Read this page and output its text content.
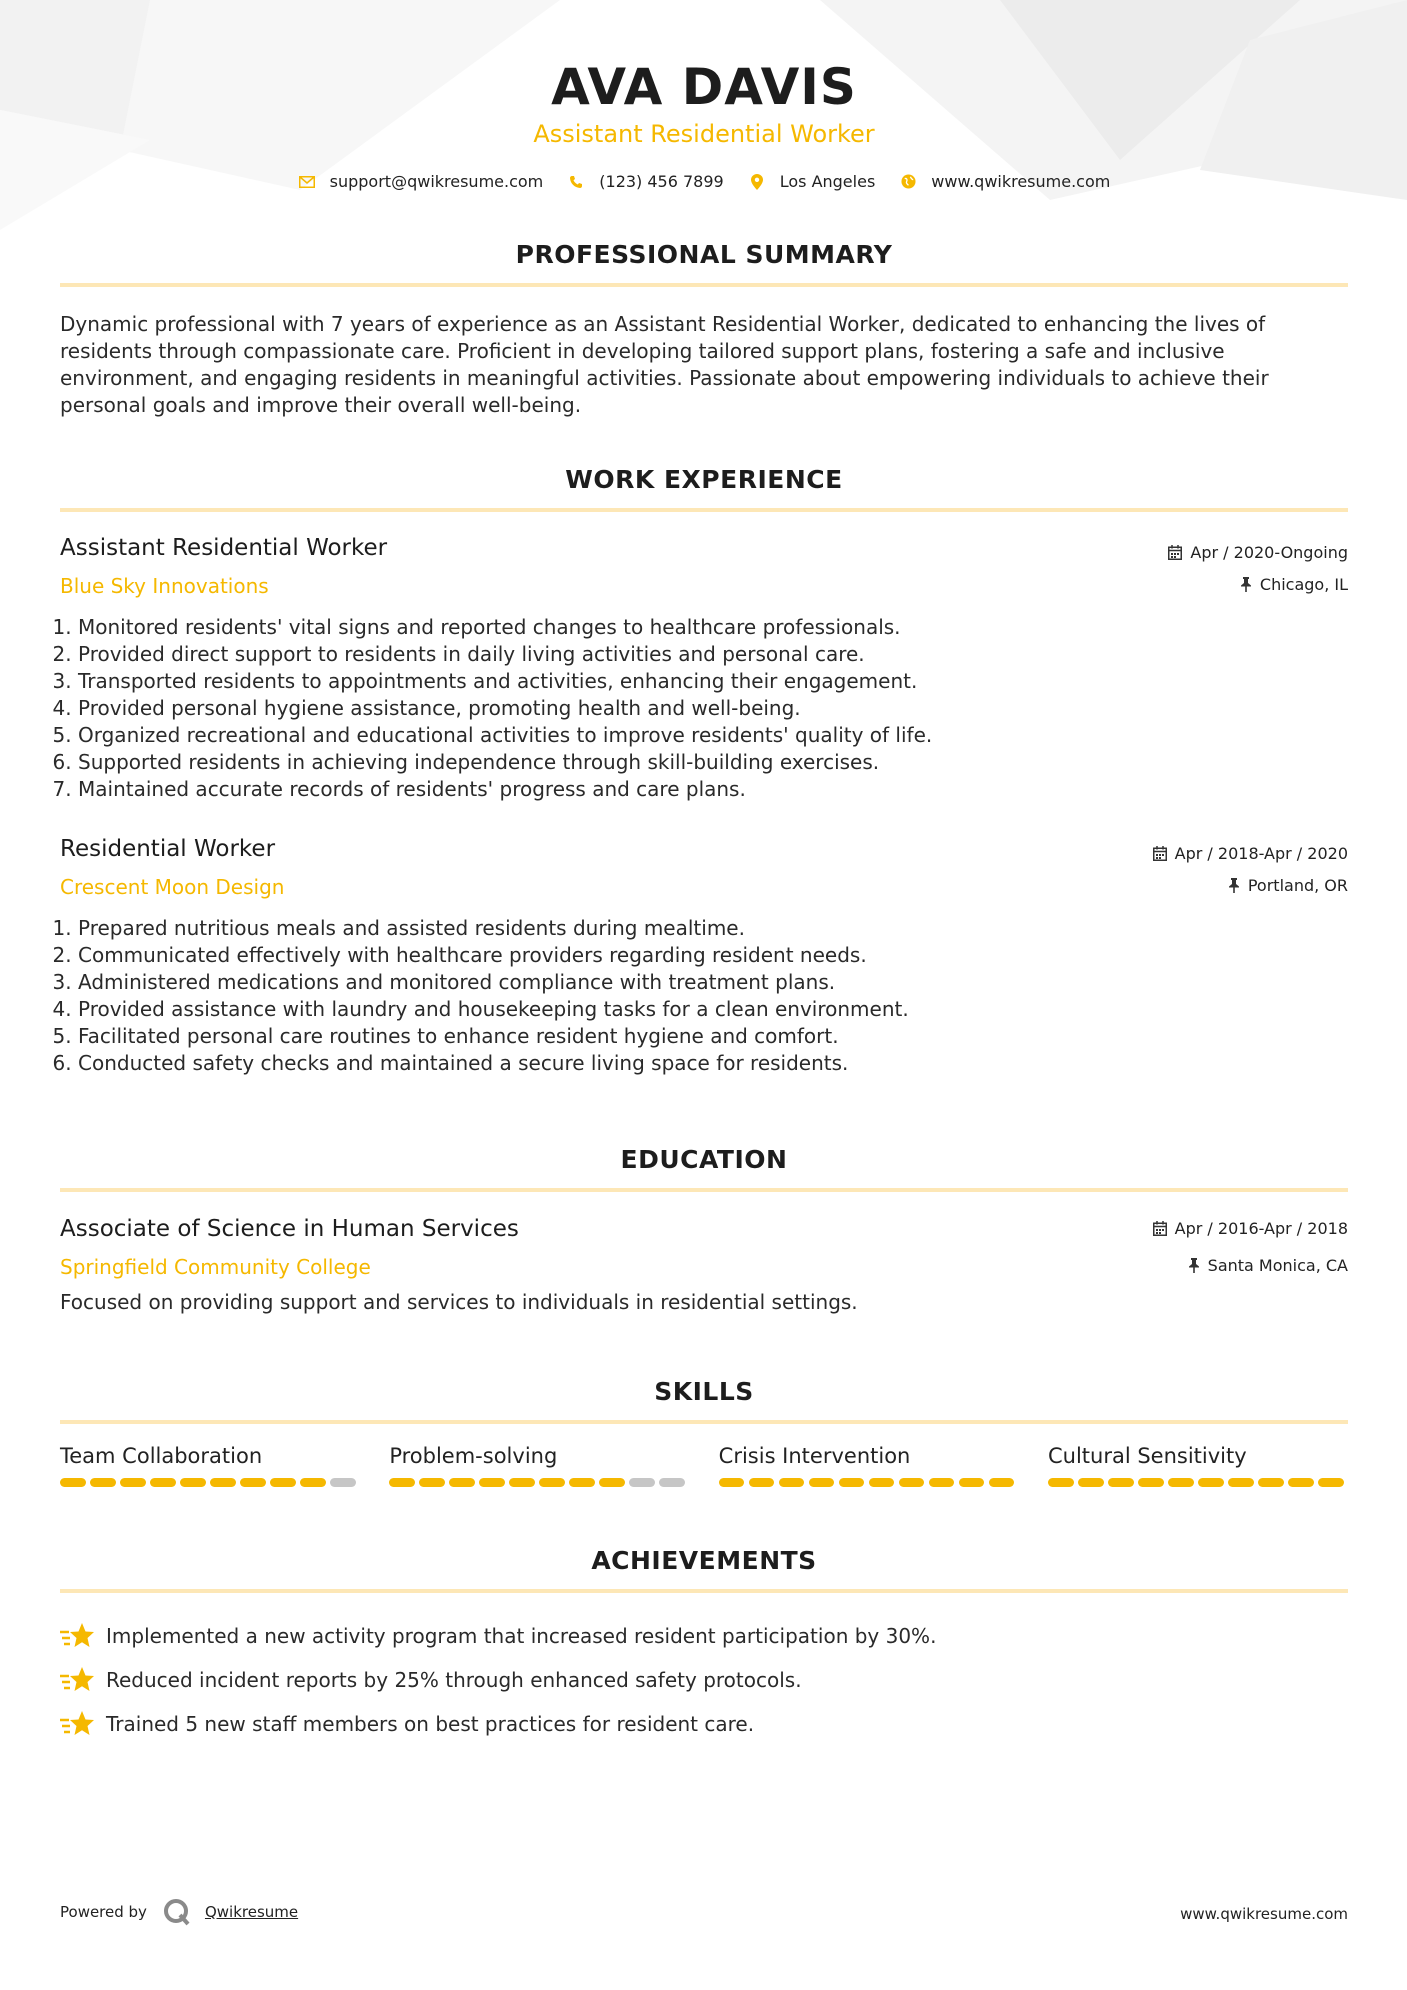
AVA DAVIS
Assistant Residential Worker
support@qwikresume.com	(123) 456 7899	Los Angeles	www.qwikresume.com
PROFESSIONAL SUMMARY
Dynamic professional with 7 years of experience as an Assistant Residential Worker, dedicated to enhancing the lives of residents through compassionate care. Proficient in developing tailored support plans, fostering a safe and inclusive environment, and engaging residents in meaningful activities. Passionate about empowering individuals to achieve their personal goals and improve their overall well-being.
WORK EXPERIENCE
Assistant Residential Worker
Blue Sky Innovations
Apr / 2020-Ongoing
Chicago, IL
1. Monitored residents' vital signs and reported changes to healthcare professionals.
2. Provided direct support to residents in daily living activities and personal care.
3. Transported residents to appointments and activities, enhancing their engagement.
4. Provided personal hygiene assistance, promoting health and well-being.
5. Organized recreational and educational activities to improve residents' quality of life.
6. Supported residents in achieving independence through skill-building exercises.
7. Maintained accurate records of residents' progress and care plans.
Residential Worker
Crescent Moon Design
Apr / 2018-Apr / 2020
Portland, OR
1. Prepared nutritious meals and assisted residents during mealtime.
2. Communicated effectively with healthcare providers regarding resident needs.
3. Administered medications and monitored compliance with treatment plans.
4. Provided assistance with laundry and housekeeping tasks for a clean environment.
5. Facilitated personal care routines to enhance resident hygiene and comfort.
6. Conducted safety checks and maintained a secure living space for residents.
EDUCATION
Associate of Science in Human Services
Springfield Community College
Apr / 2016-Apr / 2018
Santa Monica, CA
Focused on providing support and services to individuals in residential settings.
SKILLS
Team Collaboration	Problem-solving	Crisis Intervention	Cultural Sensitivity
ACHIEVEMENTS
Implemented a new activity program that increased resident participation by 30%.
Reduced incident reports by 25% through enhanced safety protocols.
Trained 5 new staff members on best practices for resident care.
Powered by	Qwikresume	www.qwikresume.com
